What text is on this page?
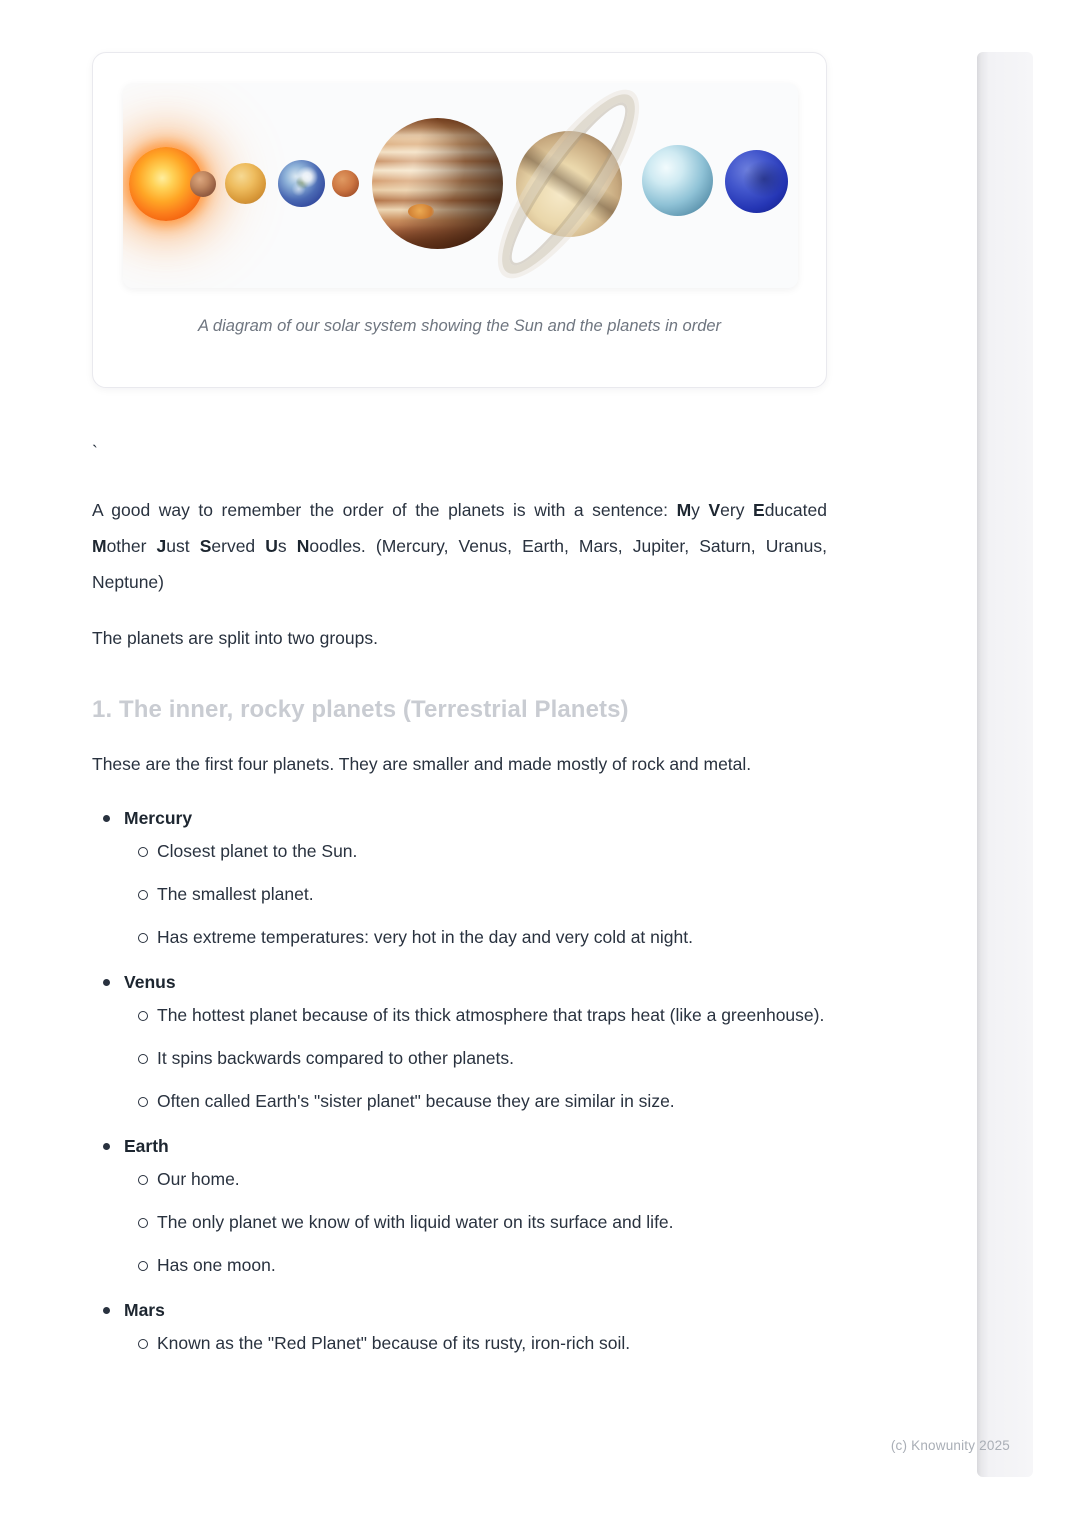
(c) Knowunity 2025
A diagram of our solar system showing the Sun and the planets in order

`

A good way to remember the order of the planets is with a sentence: My Very Educated Mother Just Served Us Noodles. (Mercury, Venus, Earth, Mars, Jupiter, Saturn, Uranus, Neptune)

The planets are split into two groups.

1. The inner, rocky planets (Terrestrial Planets)

These are the first four planets. They are smaller and made mostly of rock and metal.

Mercury
Closest planet to the Sun.
The smallest planet.
Has extreme temperatures: very hot in the day and very cold at night.
Venus
The hottest planet because of its thick atmosphere that traps heat (like a greenhouse).
It spins backwards compared to other planets.
Often called Earth's "sister planet" because they are similar in size.
Earth
Our home.
The only planet we know of with liquid water on its surface and life.
Has one moon.
Mars
Known as the "Red Planet" because of its rusty, iron-rich soil.
